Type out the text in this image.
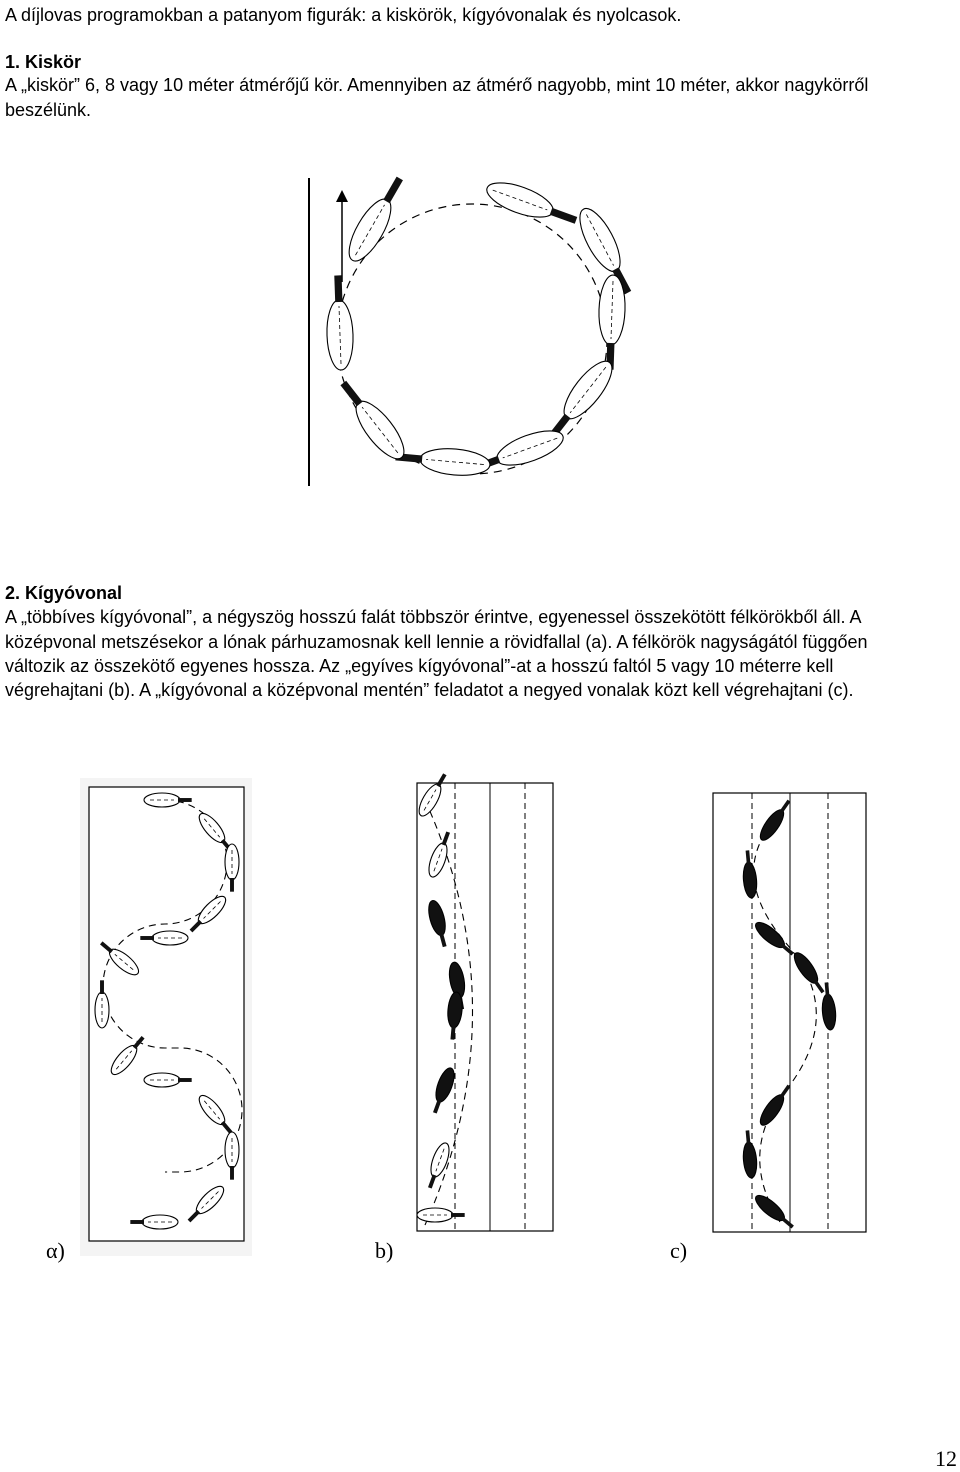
A díjlovas programokban a patanyom figurák: a kiskörök, kígyóvonalak és nyolcasok.
1. Kiskör
A „kiskör” 6, 8 vagy 10 méter átmérőjű kör. Amennyiben az átmérő nagyobb, mint 10 méter, akkor nagykörről
beszélünk.
2. Kígyóvonal
A „többíves kígyóvonal”, a négyszög hosszú falát többször érintve, egyenessel összekötött félkörökből áll. A
középvonal metszésekor a lónak párhuzamosnak kell lennie a rövidfallal (a). A félkörök nagyságától függően
változik az összekötő egyenes hossza. Az „egyíves kígyóvonal”-at a hosszú faltól 5 vagy 10 méterre kell
végrehajtani (b). A „kígyóvonal a középvonal mentén” feladatot a negyed vonalak közt kell végrehajtani (c).
α)	b)	c)
12
